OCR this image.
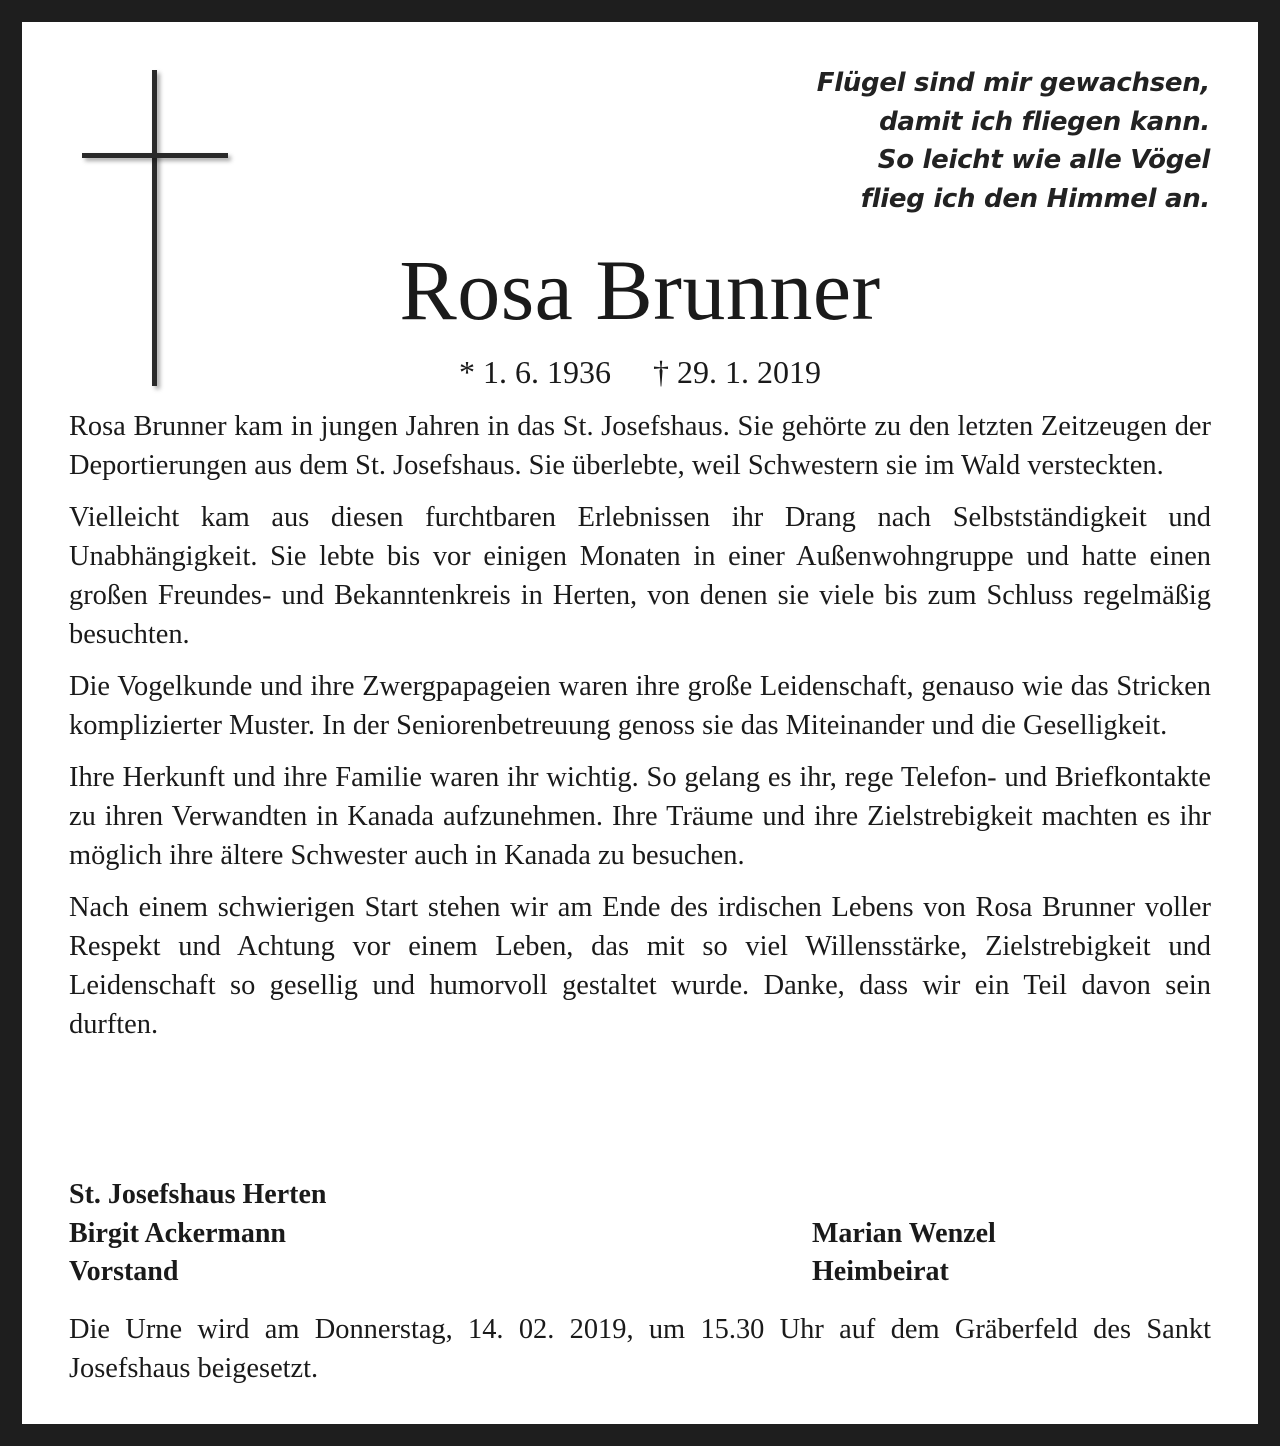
Flügel sind mir gewachsen,
damit ich fliegen kann.
So leicht wie alle Vögel
flieg ich den Himmel an.
Rosa Brunner
* 1. 6. 1936 † 29. 1. 2019

Rosa Brunner kam in jungen Jahren in das St. Josefshaus. Sie gehörte zu den letzten Zeitzeugen der Deportierungen aus dem St. Josefshaus. Sie überlebte, weil Schwestern sie im Wald versteckten.

Vielleicht kam aus diesen furchtbaren Erlebnissen ihr Drang nach Selbstständigkeit und Unabhängigkeit. Sie lebte bis vor einigen Monaten in einer Außenwohngruppe und hatte einen großen Freundes- und Bekanntenkreis in Herten, von denen sie viele bis zum Schluss regelmäßig besuchten.

Die Vogelkunde und ihre Zwergpapageien waren ihre große Leidenschaft, genauso wie das Stricken komplizierter Muster. In der Seniorenbetreuung genoss sie das Miteinander und die Geselligkeit.

Ihre Herkunft und ihre Familie waren ihr wichtig. So gelang es ihr, rege Telefon- und Briefkontakte zu ihren Verwandten in Kanada aufzunehmen. Ihre Träume und ihre Zielstrebigkeit machten es ihr möglich ihre ältere Schwester auch in Kanada zu besuchen.

Nach einem schwierigen Start stehen wir am Ende des irdischen Lebens von Rosa Brunner voller Respekt und Achtung vor einem Leben, das mit so viel Willensstärke, Zielstrebigkeit und Leidenschaft so gesellig und humorvoll gestaltet wurde. Danke, dass wir ein Teil davon sein durften.

St. Josefshaus Herten
Birgit Ackermann	Marian Wenzel
Vorstand	Heimbeirat

Die Urne wird am Donnerstag, 14. 02. 2019, um 15.30 Uhr auf dem Gräberfeld des Sankt Josefshaus beigesetzt.
